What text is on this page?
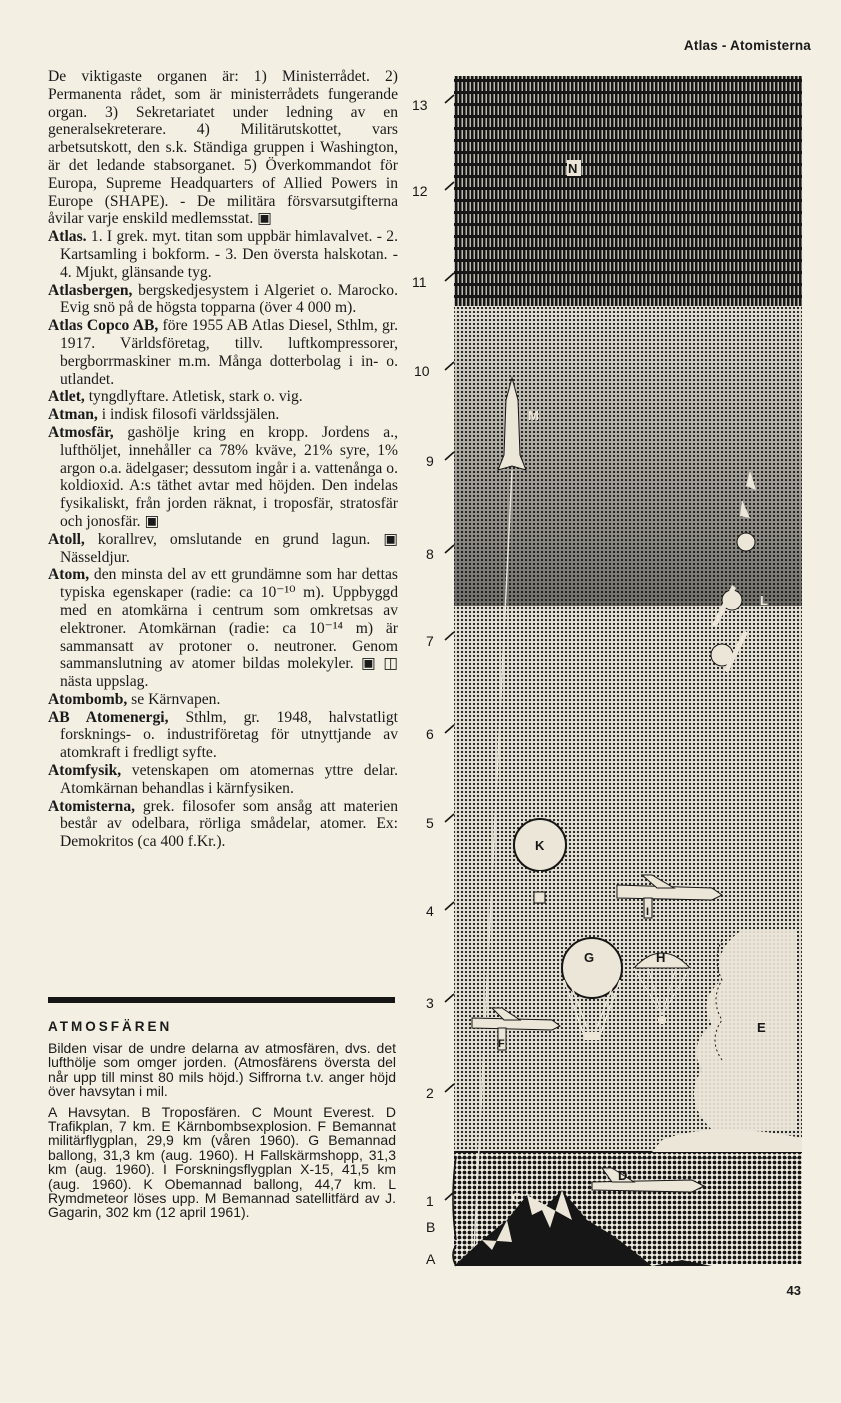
Atlas - Atomisterna

De viktigaste organen är: 1) Ministerrådet. 2) Permanenta rådet, som är ministerrådets fungerande organ. 3) Sekretariatet under ledning av en generalsekreterare. 4) Militärutskottet, vars arbetsutskott, den s.k. Ständiga gruppen i Washington, är det ledande stabsorganet. 5) Överkommandot för Europa, Supreme Headquarters of Allied Powers in Europe (SHAPE). - De militära försvarsutgifterna åvilar varje enskild medlemsstat. ▣

Atlas. 1. I grek. myt. titan som uppbär himlavalvet. - 2. Kartsamling i bokform. - 3. Den översta halskotan. - 4. Mjukt, glänsande tyg.

Atlasbergen, bergskedjesystem i Algeriet o. Marocko. Evig snö på de högsta topparna (över 4 000 m).

Atlas Copco AB, före 1955 AB Atlas Diesel, Sthlm, gr. 1917. Världsföretag, tillv. luftkompressorer, bergborrmaskiner m.m. Många dotterbolag i in- o. utlandet.

Atlet, tyngdlyftare. Atletisk, stark o. vig.

Atman, i indisk filosofi världssjälen.

Atmosfär, gashölje kring en kropp. Jordens a., lufthöljet, innehåller ca 78% kväve, 21% syre, 1% argon o.a. ädelgaser; dessutom ingår i a. vattenånga o. koldioxid. A:s täthet avtar med höjden. Den indelas fysikaliskt, från jorden räknat, i troposfär, stratosfär och jonosfär. ▣

Atoll, korallrev, omslutande en grund lagun. ▣ Nässeldjur.

Atom, den minsta del av ett grundämne som har dettas typiska egenskaper (radie: ca 10⁻¹⁰ m). Uppbyggd med en atomkärna i centrum som omkretsas av elektroner. Atomkärnan (radie: ca 10⁻¹⁴ m) är sammansatt av protoner o. neutroner. Genom sammanslutning av atomer bildas molekyler. ▣ ◫ nästa uppslag.

Atombomb, se Kärnvapen.

AB Atomenergi, Sthlm, gr. 1948, halvstatligt forsknings- o. industriföretag för utnyttjande av atomkraft i fredligt syfte.

Atomfysik, vetenskapen om atomernas yttre delar. Atomkärnan behandlas i kärnfysiken.

Atomisterna, grek. filosofer som ansåg att materien består av odelbara, rörliga smådelar, atomer. Ex: Demokritos (ca 400 f.Kr.).

ATMOSFÄREN

Bilden visar de undre delarna av atmosfären, dvs. det lufthölje som omger jorden. (Atmosfärens översta del når upp till minst 80 mils höjd.) Siffrorna t.v. anger höjd över havsytan i mil.

A Havsytan. B Troposfären. C Mount Everest. D Trafikplan, 7 km. E Kärnbombsexplosion. F Bemannat militärflygplan, 29,9 km (våren 1960). G Bemannad ballong, 31,3 km (aug. 1960). H Fallskärmshopp, 31,3 km (aug. 1960). I Forskningsflygplan X-15, 41,5 km (aug. 1960). K Obemannad ballong, 44,7 km. L Rymdmeteor löses upp. M Bemannad satellitfärd av J. Gagarin, 302 km (12 april 1961).

13
12
11
10
9
8
7
6
5
4
3
2
1
B
A
N
M
L
K
I
G	H
F
E
D
C
43
